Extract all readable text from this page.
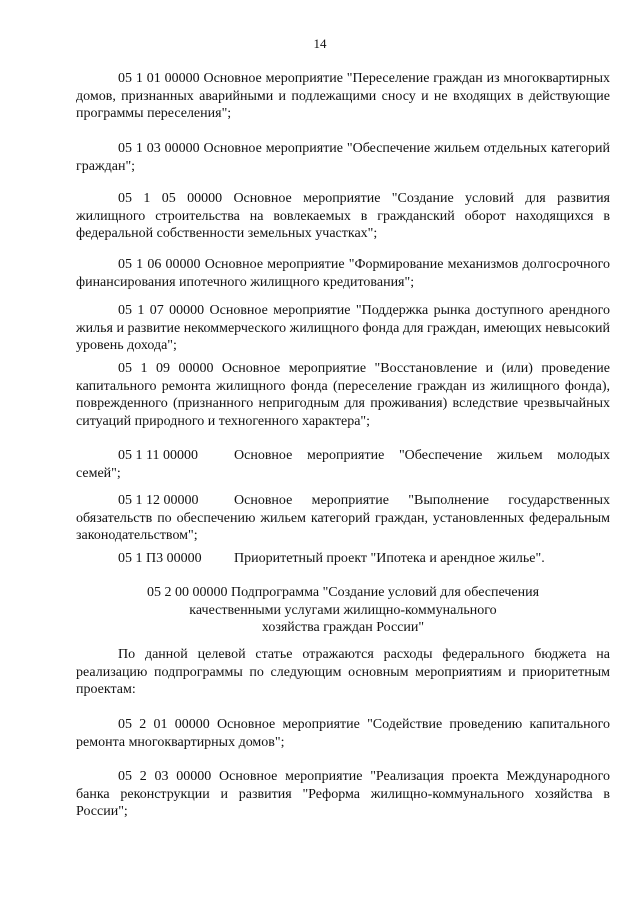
14

05 1 01 00000 Основное мероприятие "Переселение граждан из многоквартирных домов, признанных аварийными и подлежащими сносу и не входящих в действующие программы переселения";

05 1 03 00000 Основное мероприятие "Обеспечение жильем отдельных категорий граждан";

05 1 05 00000 Основное мероприятие "Создание условий для развития жилищного строительства на вовлекаемых в гражданский оборот находящихся в федеральной собственности земельных участках";

05 1 06 00000 Основное мероприятие "Формирование механизмов долгосрочного финансирования ипотечного жилищного кредитования";

05 1 07 00000 Основное мероприятие "Поддержка рынка доступного арендного жилья и развитие некоммерческого жилищного фонда для граждан, имеющих невысокий уровень дохода";

05 1 09 00000 Основное мероприятие "Восстановление и (или) проведение капитального ремонта жилищного фонда (переселение граждан из жилищного фонда), поврежденного (признанного непригодным для проживания) вследствие чрезвычайных ситуаций природного и техногенного характера";

05 1 11 00000	Основное мероприятие "Обеспечение жильем молодых семей";

05 1 12 00000	Основное мероприятие "Выполнение государственных обязательств по обеспечению жильем категорий граждан, установленных федеральным законодательством";

05 1 П3 00000 Приоритетный проект "Ипотека и арендное жилье".

05 2 00 00000 Подпрограмма "Создание условий для обеспечения
качественными услугами жилищно-коммунального
хозяйства граждан России"

По данной целевой статье отражаются расходы федерального бюджета на реализацию подпрограммы по следующим основным мероприятиям и приоритетным проектам:

05 2 01 00000 Основное мероприятие "Содействие проведению капитального ремонта многоквартирных домов";

05 2 03 00000 Основное мероприятие "Реализация проекта Международного банка реконструкции и развития "Реформа жилищно-коммунального хозяйства в России";
